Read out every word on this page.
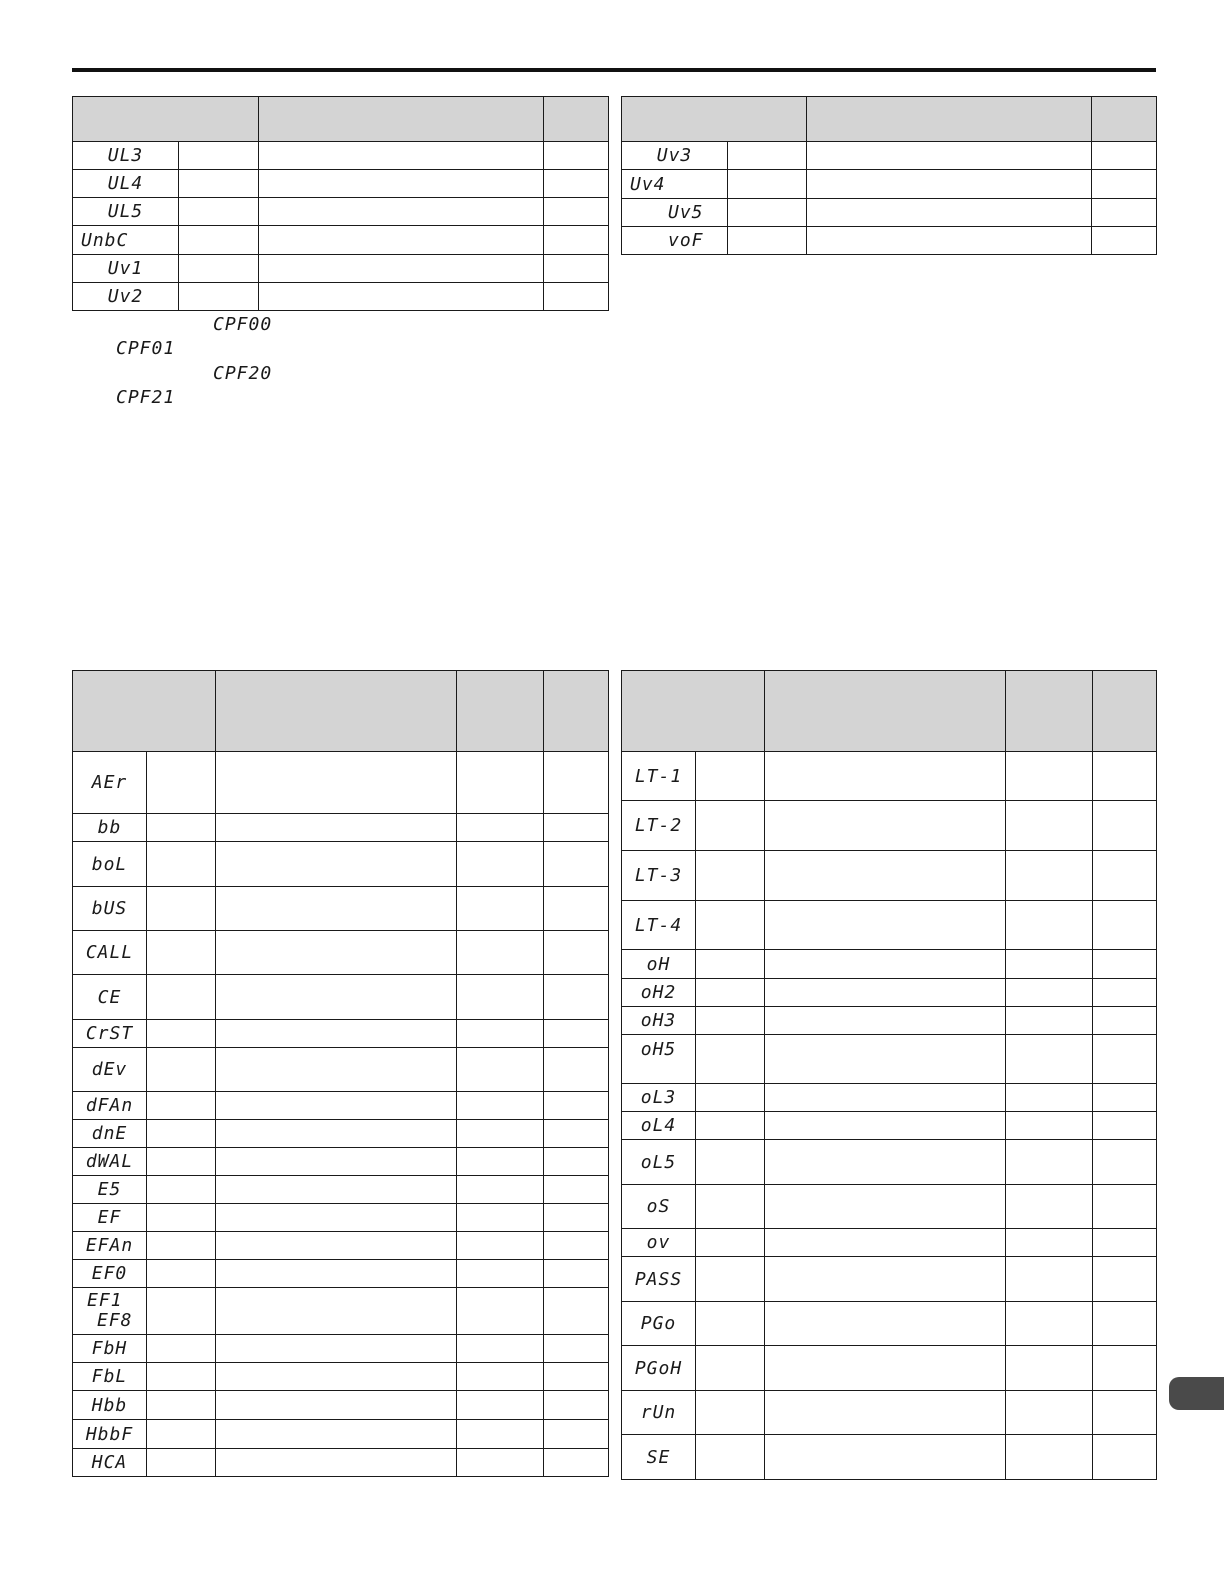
UL3			
UL4			
UL5			
UnbC			
Uv1			
Uv2			

Uv3			
Uv4			
Uv5			
voF			
CPF00
CPF01
CPF20
CPF21

AEr				
bb				
boL				
bUS				
CALL				
CE				
CrST				
dEv				
dFAn				
dnE				
dWAL				
E5				
EF				
EFAn				
EF0				

EF1
EF8				

FbH				
FbL				
Hbb				
HbbF				
HCA				

LT-1				
LT-2				
LT-3				
LT-4				
oH				
oH2				
oH3				
oH5				
oL3				
oL4				
oL5				
oS				
ov				
PASS				
PGo				
PGoH				
rUn				
SE				
